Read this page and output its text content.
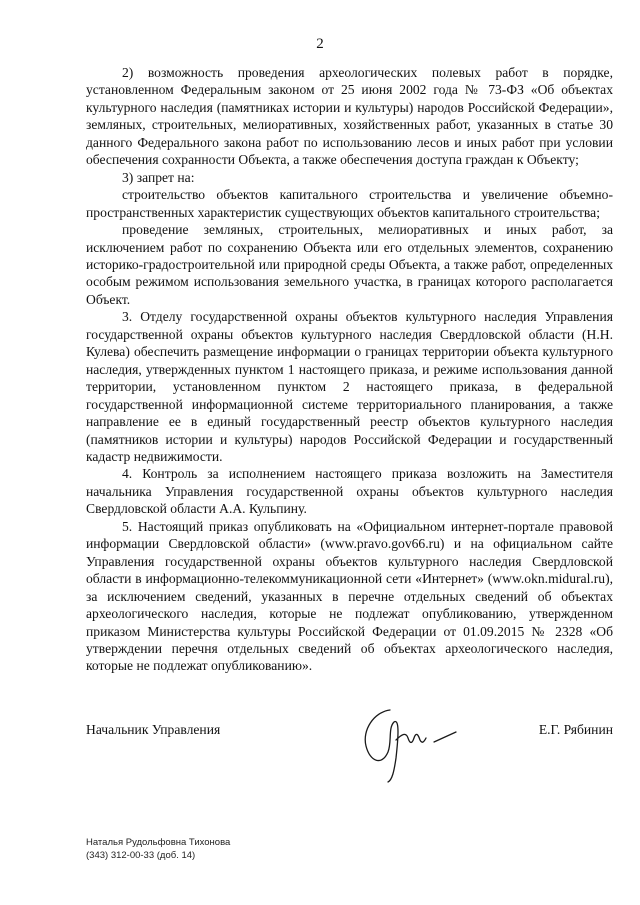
2

2) возможность проведения археологических полевых работ в порядке, установленном Федеральным законом от 25 июня 2002 года № 73-ФЗ «Об объектах культурного наследия (памятниках истории и культуры) народов Российской Федерации», земляных, строительных, мелиоративных, хозяйственных работ, указанных в статье 30 данного Федерального закона работ по использованию лесов и иных работ при условии обеспечения сохранности Объекта, а также обеспечения доступа граждан к Объекту;

3) запрет на:

строительство объектов капитального строительства и увеличение объемно-пространственных характеристик существующих объектов капитального строительства;

проведение земляных, строительных, мелиоративных и иных работ, за исключением работ по сохранению Объекта или его отдельных элементов, сохранению историко-градостроительной или природной среды Объекта, а также работ, определенных особым режимом использования земельного участка, в границах которого располагается Объект.

3. Отделу государственной охраны объектов культурного наследия Управления государственной охраны объектов культурного наследия Свердловской области (Н.Н. Кулева) обеспечить размещение информации о границах территории объекта культурного наследия, утвержденных пунктом 1 настоящего приказа, и режиме использования данной территории, установленном пунктом 2 настоящего приказа, в федеральной государственной информационной системе территориального планирования, а также направление ее в единый государственный реестр объектов культурного наследия (памятников истории и культуры) народов Российской Федерации и государственный кадастр недвижимости.

4. Контроль за исполнением настоящего приказа возложить на Заместителя начальника Управления государственной охраны объектов культурного наследия Свердловской области А.А. Кульпину.

5. Настоящий приказ опубликовать на «Официальном интернет-портале правовой информации Свердловской области» (www.pravo.gov66.ru) и на официальном сайте Управления государственной охраны объектов культурного наследия Свердловской области в информационно-телекоммуникационной сети «Интернет» (www.okn.midural.ru), за исключением сведений, указанных в перечне отдельных сведений об объектах археологического наследия, которые не подлежат опубликованию, утвержденном приказом Министерства культуры Российской Федерации от 01.09.2015 № 2328 «Об утверждении перечня отдельных сведений об объектах археологического наследия, которые не подлежат опубликованию».

Начальник Управления	Е.Г. Рябинин
Наталья Рудольфовна Тихонова
(343) 312-00-33 (доб. 14)
